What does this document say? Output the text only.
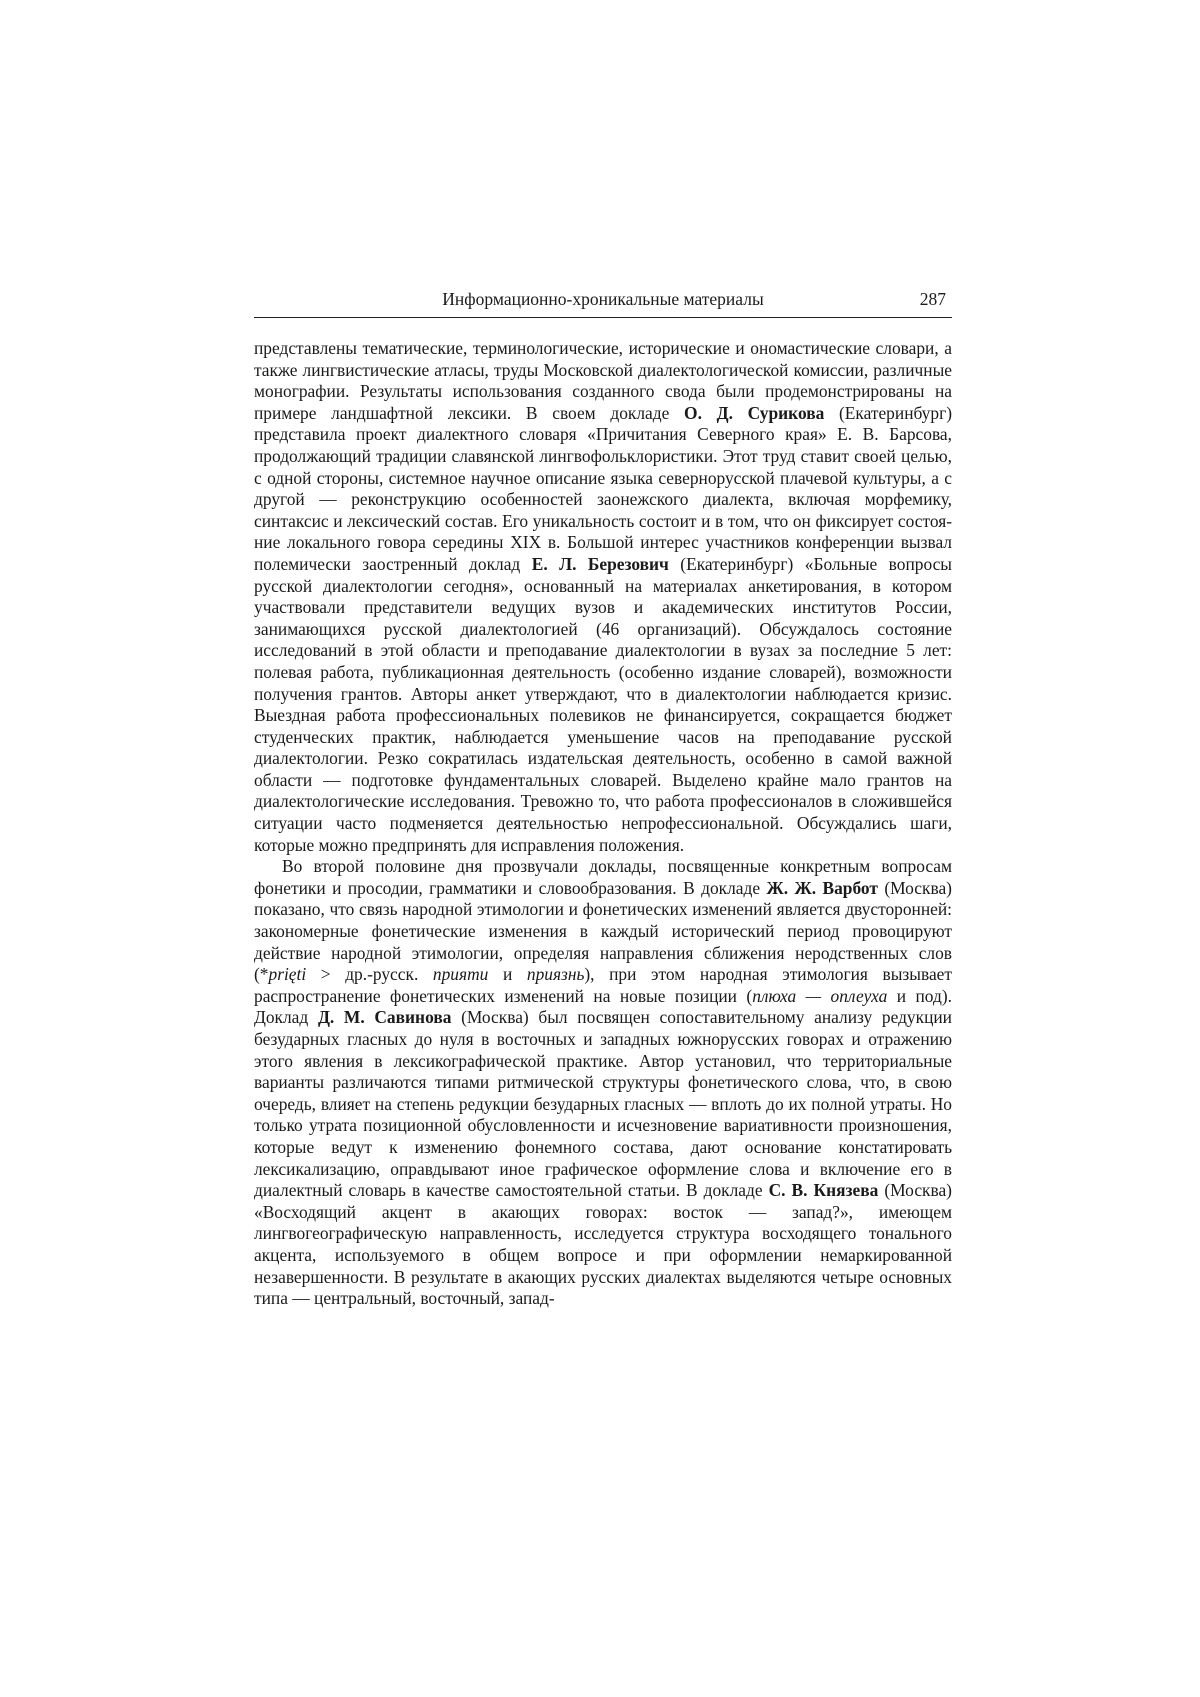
Информационно-хроникальные материалы	287

представлены тематические, терминологические, исторические и ономастические словари, а также лингвистические атласы, труды Московской диалектологической комиссии, различные монографии. Результаты использования созданного свода были продемонстрированы на примере ландшафтной лексики. В своем докладе О. Д. Сурикова (Екатеринбург) представила проект диалектного словаря «Причитания Северного края» Е. В. Барсова, продолжающий традиции славянской лингвофольклористики. Этот труд ставит своей целью, с одной стороны, системное научное описание языка севернорусской плачевой культуры, а с другой — реконструкцию особенностей заонежского диалекта, включая морфемику, синтаксис и лексический состав. Его уникальность состоит и в том, что он фиксирует состояние локального говора середины XIX в. Большой интерес участников конференции вызвал полемически заостренный доклад Е. Л. Березович (Екатеринбург) «Больные вопросы русской диалектологии сегодня», основанный на материалах анкетирования, в котором участвовали представители ведущих вузов и академических институтов России, занимающихся русской диалектологией (46 организаций). Обсуждалось состояние исследований в этой области и преподавание диалектологии в вузах за последние 5 лет: полевая работа, публикационная деятельность (особенно издание словарей), возможности получения грантов. Авторы анкет утверждают, что в диалектологии наблюдается кризис. Выездная работа профессиональных полевиков не финансируется, сокращается бюджет студенческих практик, наблюдается уменьшение часов на преподавание русской диалектологии. Резко сократилась издательская деятельность, особенно в самой важной области — подготовке фундаментальных словарей. Выделено крайне мало грантов на диалектологические исследования. Тревожно то, что работа профессионалов в сложившейся ситуации часто подменяется деятельностью непрофессиональной. Обсуждались шаги, которые можно предпринять для исправления положения.

Во второй половине дня прозвучали доклады, посвященные конкретным вопросам фонетики и просодии, грамматики и словообразования. В докладе Ж. Ж. Варбот (Москва) показано, что связь народной этимологии и фонетических изменений является двусторонней: закономерные фонетические изменения в каждый исторический период провоцируют действие народной этимологии, определяя направления сближения неродственных слов (*prięti > др.-русск. прияти и приязнь), при этом народная этимология вызывает распространение фонетических изменений на новые позиции (плюха — оплеуха и под). Доклад Д. М. Савинова (Москва) был посвящен сопоставительному анализу редукции безударных гласных до нуля в восточных и западных южнорусских говорах и отражению этого явления в лексикографической практике. Автор установил, что территориальные варианты различаются типами ритмической структуры фонетического слова, что, в свою очередь, влияет на степень редукции безударных гласных — вплоть до их полной утраты. Но только утрата позиционной обусловленности и исчезновение вариативности произношения, которые ведут к изменению фонемного состава, дают основание констатировать лексикализацию, оправдывают иное графическое оформление слова и включение его в диалектный словарь в качестве самостоятельной статьи. В докладе С. В. Князева (Москва) «Восходящий акцент в акающих говорах: восток — запад?», имеющем лингвогеографическую направленность, исследуется структура восходящего тонального акцента, используемого в общем вопросе и при оформлении немаркированной незавершенности. В результате в акающих русских диалектах выделяются четыре основных типа — центральный, восточный, запад-
